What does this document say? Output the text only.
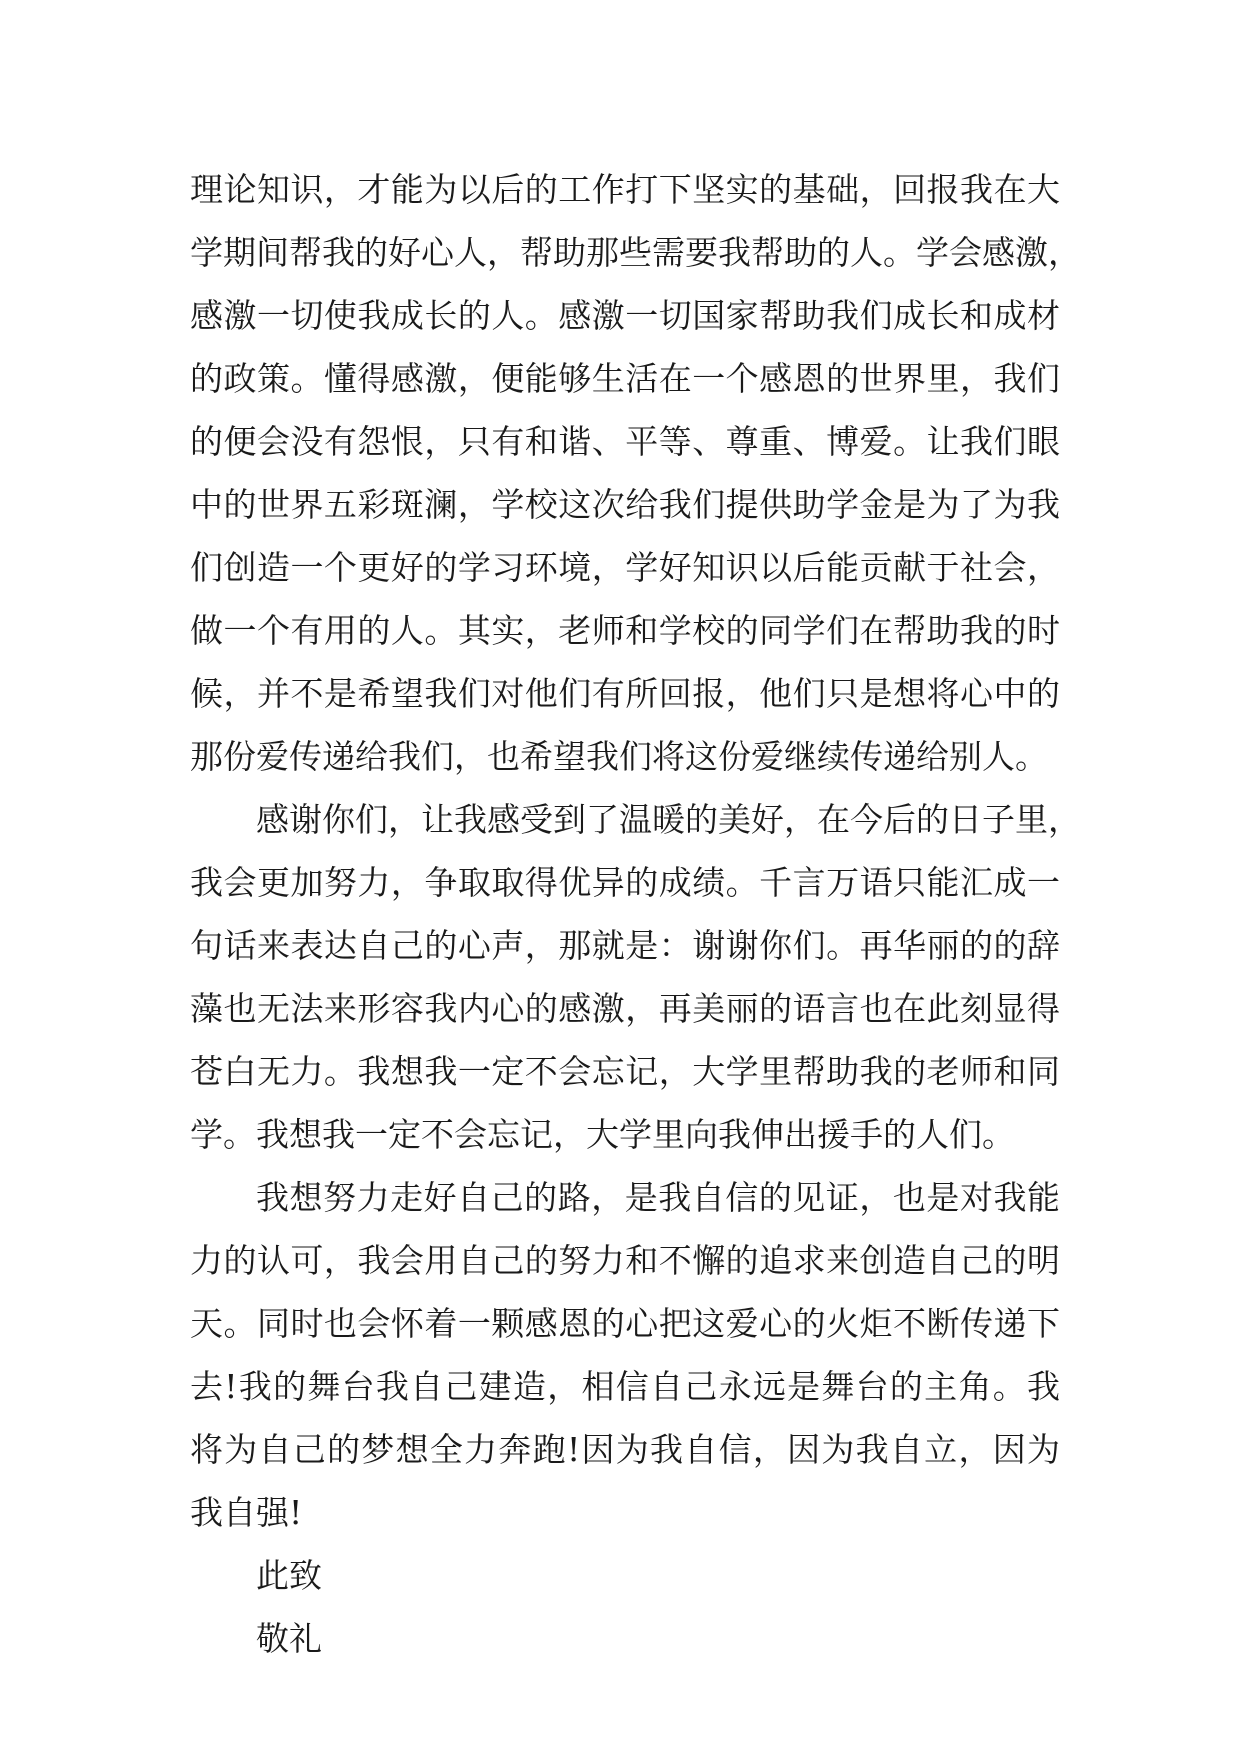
理论知识，才能为以后的工作打下坚实的基础，回报我在大
学期间帮我的好心人，帮助那些需要我帮助的人。学会感激，
感激一切使我成长的人。感激一切国家帮助我们成长和成材
的政策。懂得感激，便能够生活在一个感恩的世界里，我们
的便会没有怨恨，只有和谐、平等、尊重、博爱。让我们眼
中的世界五彩斑澜，学校这次给我们提供助学金是为了为我
们创造一个更好的学习环境，学好知识以后能贡献于社会，
做一个有用的人。其实，老师和学校的同学们在帮助我的时
候，并不是希望我们对他们有所回报，他们只是想将心中的
那份爱传递给我们，也希望我们将这份爱继续传递给别人。
感谢你们，让我感受到了温暖的美好，在今后的日子里，
我会更加努力，争取取得优异的成绩。千言万语只能汇成一
句话来表达自己的心声，那就是：谢谢你们。再华丽的的辞
藻也无法来形容我内心的感激，再美丽的语言也在此刻显得
苍白无力。我想我一定不会忘记，大学里帮助我的老师和同
学。我想我一定不会忘记，大学里向我伸出援手的人们。
我想努力走好自己的路，是我自信的见证，也是对我能
力的认可，我会用自己的努力和不懈的追求来创造自己的明
天。同时也会怀着一颗感恩的心把这爱心的火炬不断传递下
去!我的舞台我自己建造，相信自己永远是舞台的主角。我
将为自己的梦想全力奔跑!因为我自信，因为我自立，因为
我自强!
此致
敬礼
